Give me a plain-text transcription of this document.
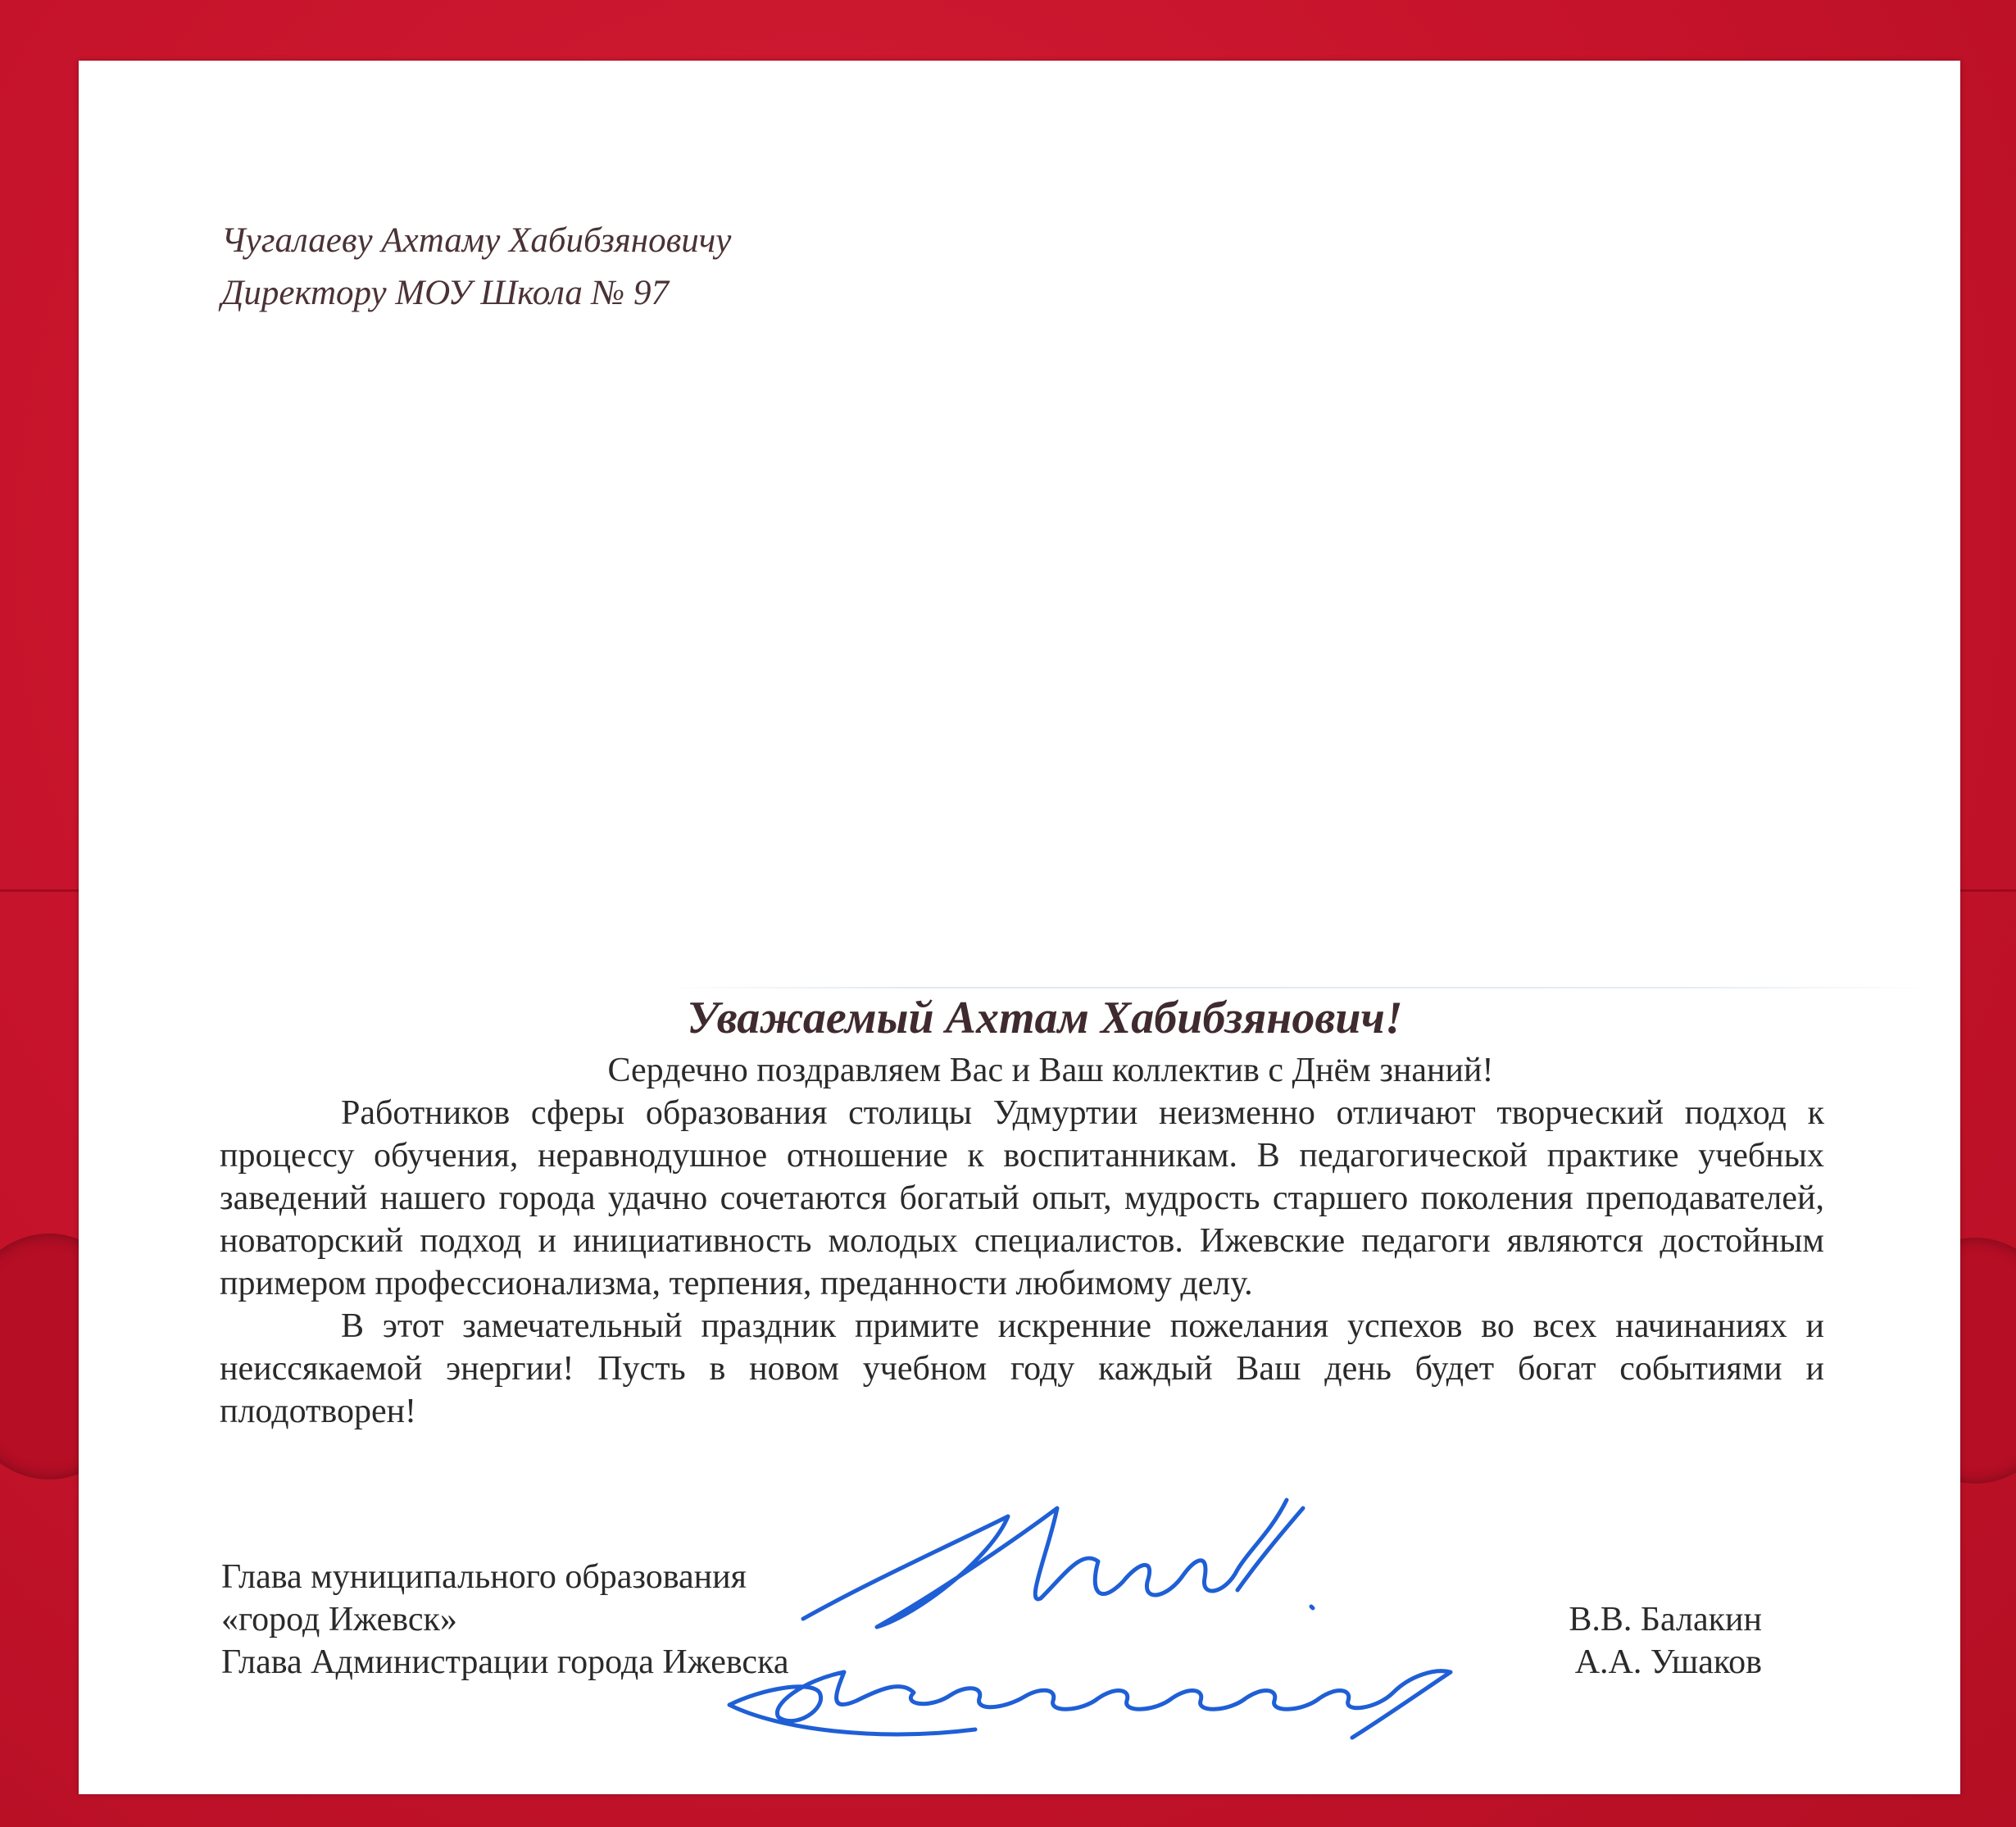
Чугалаеву Ахтаму Хабибзяновичу
Директору МОУ Школа № 97
Уважаемый Ахтам Хабибзянович!

Сердечно поздравляем Вас и Ваш коллектив с Днём знаний!

Работников сферы образования столицы Удмуртии неизменно отличают творческий подход к процессу обучения, неравнодушное отношение к воспитанникам. В педагогической практике учебных заведений нашего города удачно сочетаются богатый опыт, мудрость старшего поколения преподавателей, новаторский подход и инициативность молодых специалистов. Ижевские педагоги являются достойным примером профессионализма, терпения, преданности любимому делу.

В этот замечательный праздник примите искренние пожелания успехов во всех начинаниях и неиссякаемой энергии! Пусть в новом учебном году каждый Ваш день будет богат событиями и плодотворен!

Глава муниципального образования
«город Ижевск»
Глава Администрации города Ижевска
В.В. Балакин
А.А. Ушаков
